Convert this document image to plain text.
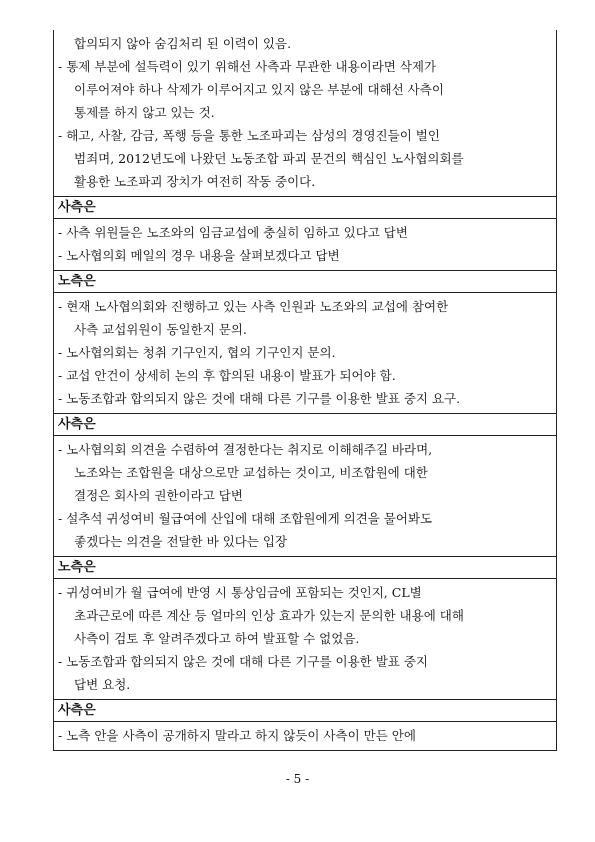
합의되지 않아 숨김처리 된 이력이 있음.
- 통제 부분에 설득력이 있기 위해선 사측과 무관한 내용이라면 삭제가
이루어져야 하나 삭제가 이루어지고 있지 않은 부분에 대해선 사측이
통제를 하지 않고 있는 것.
- 해고, 사찰, 감금, 폭행 등을 통한 노조파괴는 삼성의 경영진들이 벌인
범죄며, 2012년도에 나왔던 노동조합 파괴 문건의 핵심인 노사협의회를
활용한 노조파괴 장치가 여전히 작동 중이다.
사측은
- 사측 위원들은 노조와의 임금교섭에 충실히 임하고 있다고 답변
- 노사협의회 메일의 경우 내용을 살펴보겠다고 답변
노측은
- 현재 노사협의회와 진행하고 있는 사측 인원과 노조와의 교섭에 참여한
사측 교섭위원이 동일한지 문의.
- 노사협의회는 청취 기구인지, 협의 기구인지 문의.
- 교섭 안건이 상세히 논의 후 합의된 내용이 발표가 되어야 함.
- 노동조합과 합의되지 않은 것에 대해 다른 기구를 이용한 발표 중지 요구.
사측은
- 노사협의회 의견을 수렴하여 결정한다는 취지로 이해해주길 바라며,
노조와는 조합원을 대상으로만 교섭하는 것이고, 비조합원에 대한
결정은 회사의 권한이라고 답변
- 설추석 귀성여비 월급여에 산입에 대해 조합원에게 의견을 물어봐도
좋겠다는 의견을 전달한 바 있다는 입장
노측은
- 귀성여비가 월 급여에 반영 시 통상임금에 포함되는 것인지, CL별
초과근로에 따른 계산 등 얼마의 인상 효과가 있는지 문의한 내용에 대해
사측이 검토 후 알려주겠다고 하여 발표할 수 없었음.
- 노동조합과 합의되지 않은 것에 대해 다른 기구를 이용한 발표 중지
답변 요청.
사측은
- 노측 안을 사측이 공개하지 말라고 하지 않듯이 사측이 만든 안에
- 5 -
